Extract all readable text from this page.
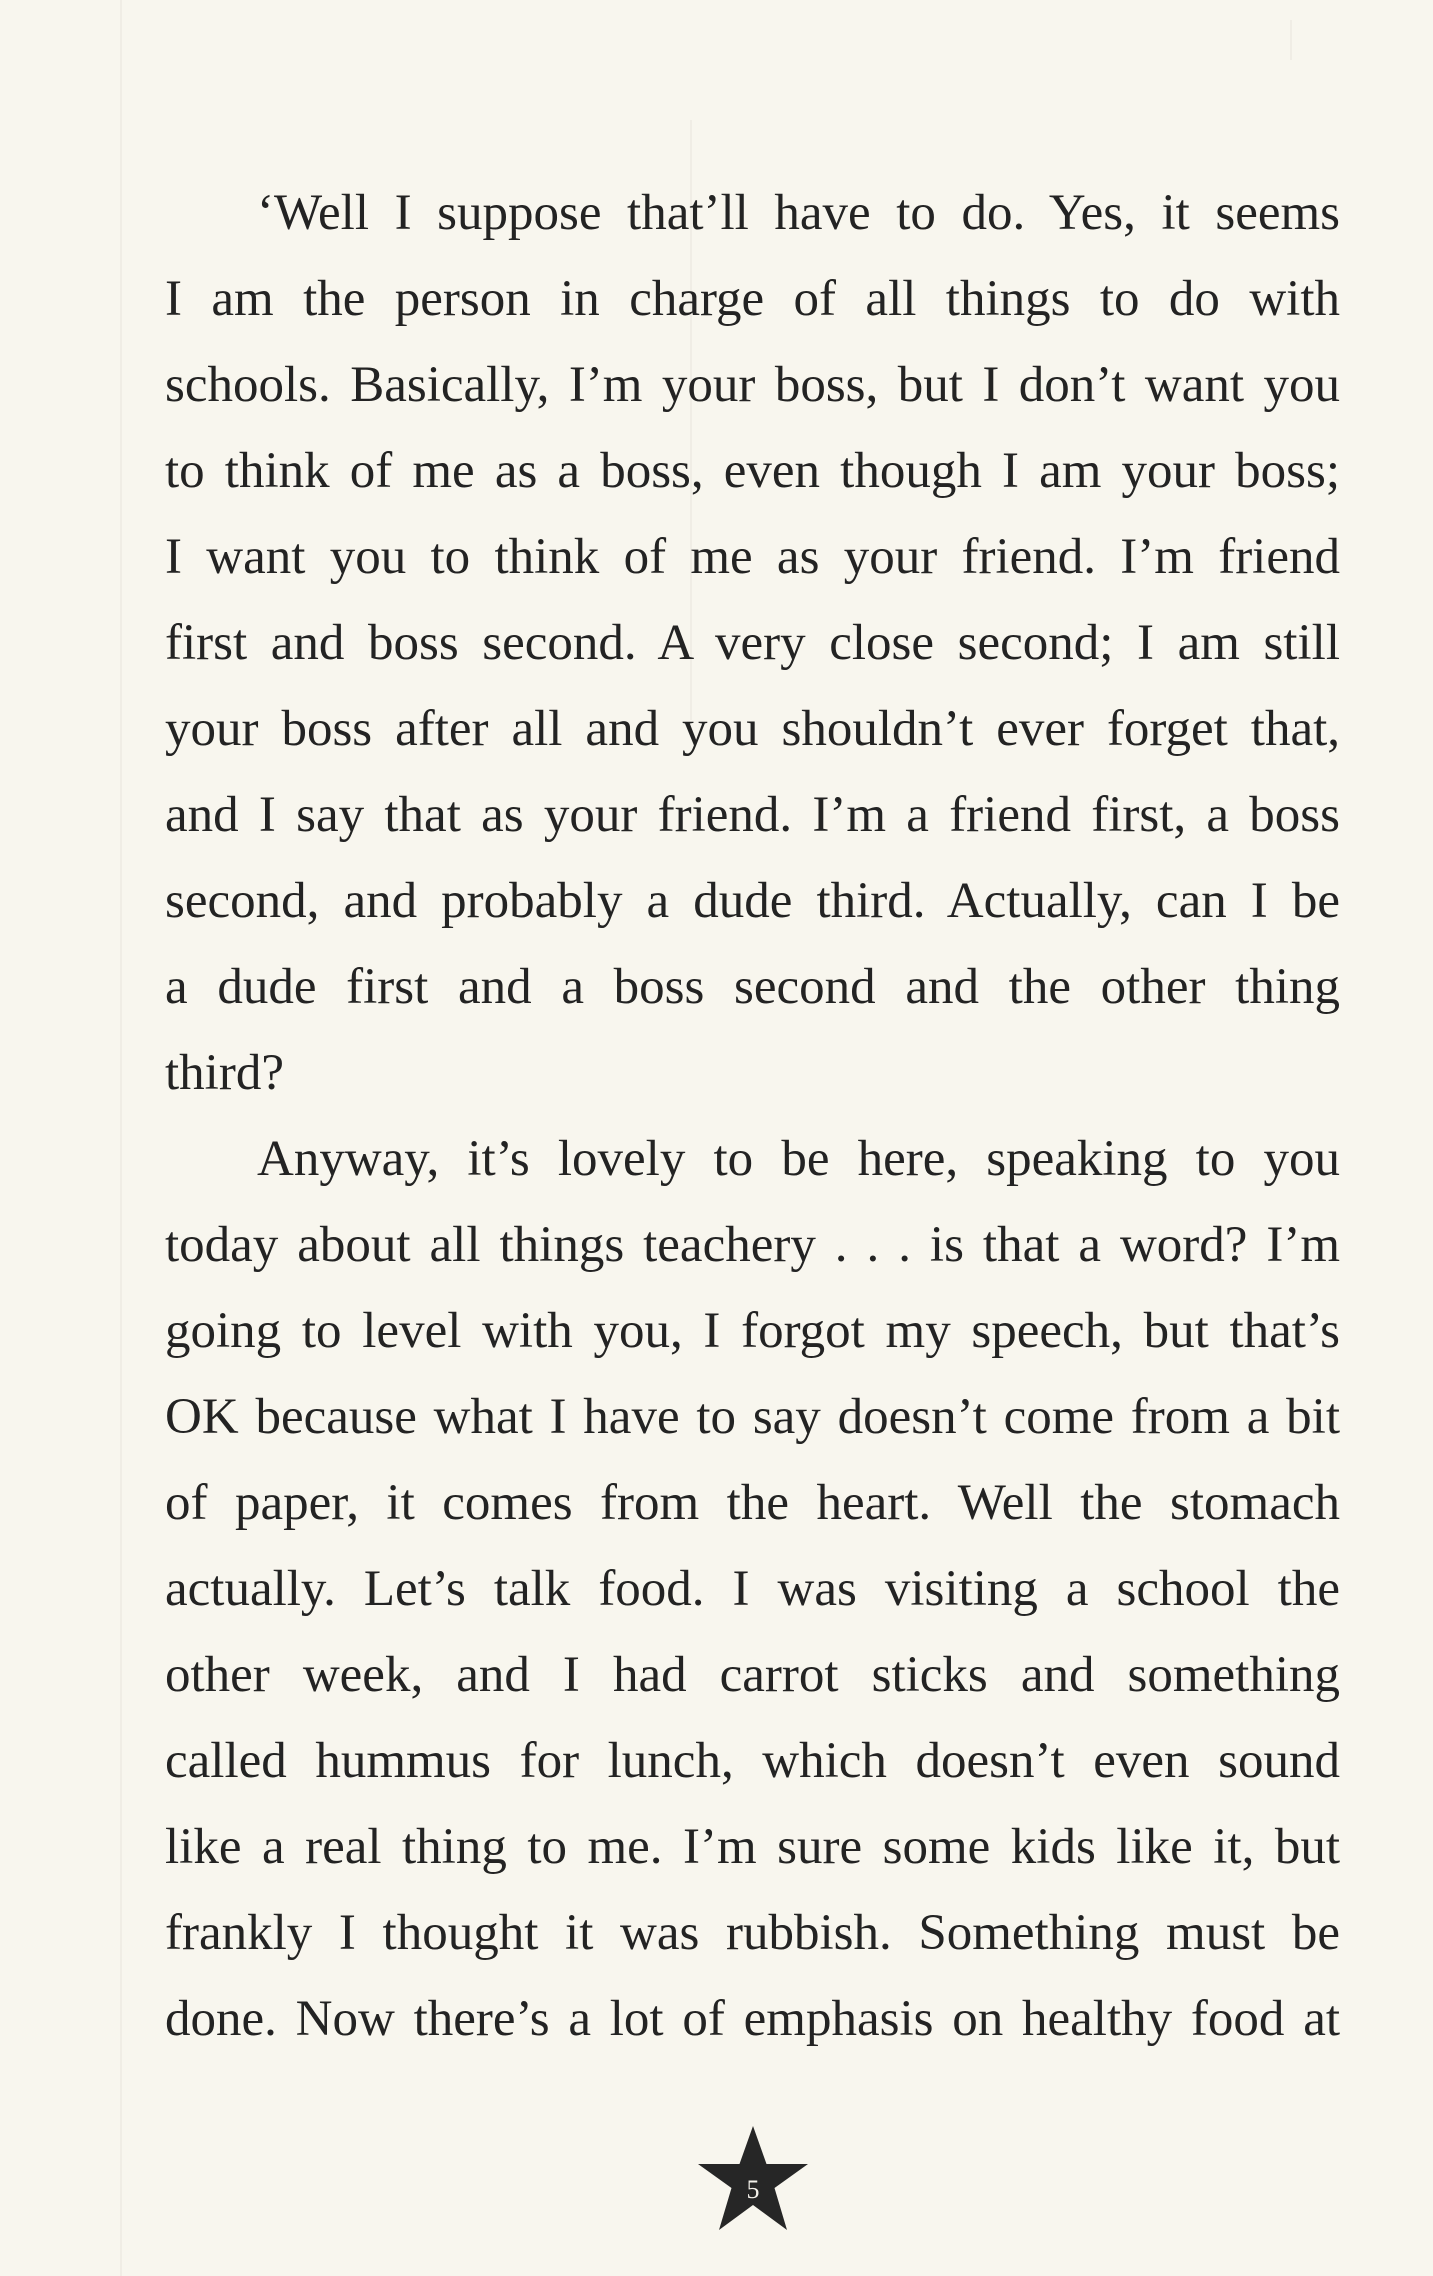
‘Well I suppose that’ll have to do. Yes, it seems
I am the person in charge of all things to do with
schools. Basically, I’m your boss, but I don’t want you
to think of me as a boss, even though I am your boss;
I want you to think of me as your friend. I’m friend
first and boss second. A very close second; I am still
your boss after all and you shouldn’t ever forget that,
and I say that as your friend. I’m a friend first, a boss
second, and probably a dude third. Actually, can I be
a dude first and a boss second and the other thing
third?
Anyway, it’s lovely to be here, speaking to you
today about all things teachery . . . is that a word? I’m
going to level with you, I forgot my speech, but that’s
OK because what I have to say doesn’t come from a bit
of paper, it comes from the heart. Well the stomach
actually. Let’s talk food. I was visiting a school the
other week, and I had carrot sticks and something
called hummus for lunch, which doesn’t even sound
like a real thing to me. I’m sure some kids like it, but
frankly I thought it was rubbish. Something must be
done. Now there’s a lot of emphasis on healthy food at
5
